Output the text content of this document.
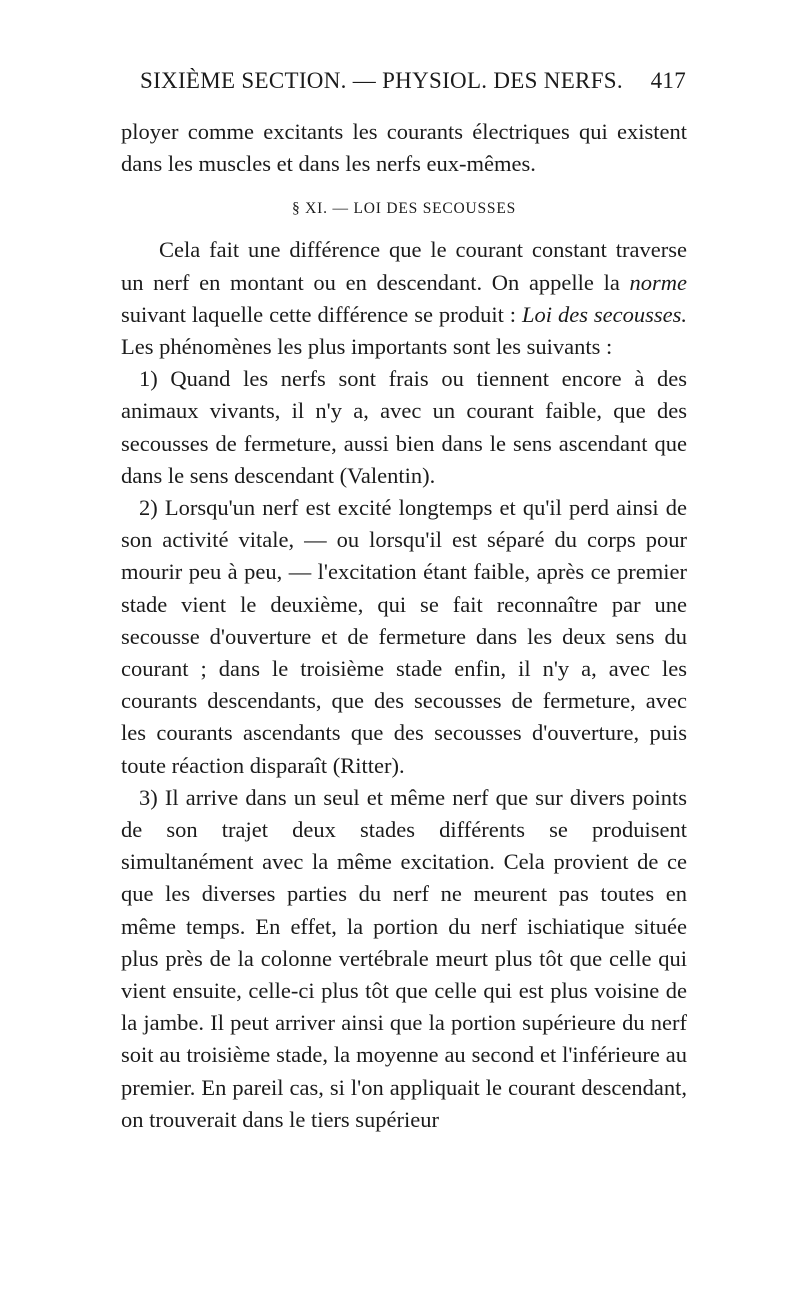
SIXIÈME SECTION. — PHYSIOL. DES NERFS. 417

ployer comme excitants les courants électriques qui existent dans les muscles et dans les nerfs eux-mêmes.

§ XI. — LOI DES SECOUSSES

Cela fait une différence que le courant constant traverse un nerf en montant ou en descendant. On appelle la norme suivant laquelle cette différence se produit : Loi des secousses. Les phénomènes les plus importants sont les suivants :

1) Quand les nerfs sont frais ou tiennent encore à des animaux vivants, il n'y a, avec un courant faible, que des secousses de fermeture, aussi bien dans le sens ascendant que dans le sens descendant (Valentin).

2) Lorsqu'un nerf est excité longtemps et qu'il perd ainsi de son activité vitale, — ou lorsqu'il est séparé du corps pour mourir peu à peu, — l'excitation étant faible, après ce premier stade vient le deuxième, qui se fait reconnaître par une secousse d'ouverture et de fermeture dans les deux sens du courant ; dans le troisième stade enfin, il n'y a, avec les courants descendants, que des secousses de fermeture, avec les courants ascendants que des secousses d'ouverture, puis toute réaction disparaît (Ritter).

3) Il arrive dans un seul et même nerf que sur divers points de son trajet deux stades différents se produisent simultanément avec la même excitation. Cela provient de ce que les diverses parties du nerf ne meurent pas toutes en même temps. En effet, la portion du nerf ischiatique située plus près de la colonne vertébrale meurt plus tôt que celle qui vient ensuite, celle-ci plus tôt que celle qui est plus voisine de la jambe. Il peut arriver ainsi que la portion supérieure du nerf soit au troisième stade, la moyenne au second et l'inférieure au premier. En pareil cas, si l'on appliquait le courant descendant, on trouverait dans le tiers supérieur
